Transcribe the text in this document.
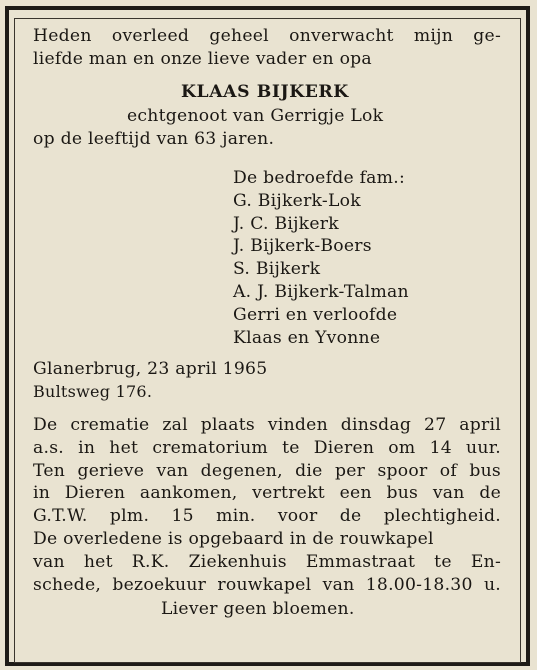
Heden overleed geheel onverwacht mijn ge-
liefde man en onze lieve vader en opa
KLAAS BIJKERK
echtgenoot van Gerrigje Lok
op de leeftijd van 63 jaren.
De bedroefde fam.:
G. Bijkerk-Lok
J. C. Bijkerk
J. Bijkerk-Boers
S. Bijkerk
A. J. Bijkerk-Talman
Gerri en verloofde
Klaas en Yvonne
Glanerbrug, 23 april 1965
Bultsweg 176.
De crematie zal plaats vinden dinsdag 27 april
a.s. in het crematorium te Dieren om 14 uur.
Ten gerieve van degenen, die per spoor of bus
in Dieren aankomen, vertrekt een bus van de
G.T.W. plm. 15 min. voor de plechtigheid.
De overledene is opgebaard in de rouwkapel
van het R.K. Ziekenhuis Emmastraat te En-
schede, bezoekuur rouwkapel van 18.00-18.30 u.
Liever geen bloemen.
